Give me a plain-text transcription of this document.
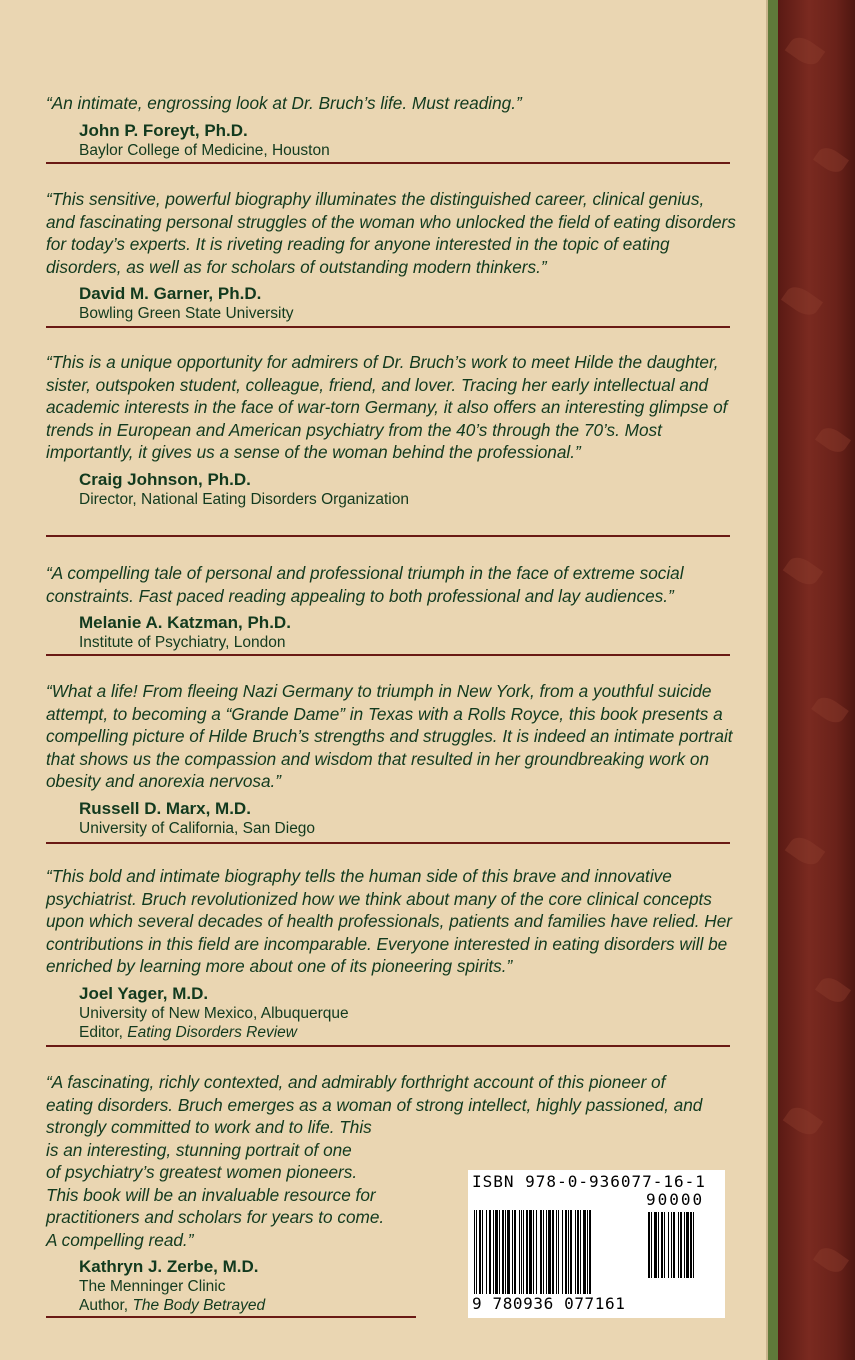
“An intimate, engrossing look at Dr. Bruch’s life. Must reading.”

John P. Foreyt, Ph.D.
Baylor College of Medicine, Houston

“This sensitive, powerful biography illuminates the distinguished career, clinical genius, and fascinating personal struggles of the woman who unlocked the field of eating disorders for today’s experts. It is riveting reading for anyone interested in the topic of eating disorders, as well as for scholars of outstanding modern thinkers.”

David M. Garner, Ph.D.
Bowling Green State University

“This is a unique opportunity for admirers of Dr. Bruch’s work to meet Hilde the daughter, sister, outspoken student, colleague, friend, and lover. Tracing her early intellectual and academic interests in the face of war-torn Germany, it also offers an interesting glimpse of trends in European and American psychiatry from the 40’s through the 70’s. Most importantly, it gives us a sense of the woman behind the professional.”

Craig Johnson, Ph.D.
Director, National Eating Disorders Organization

“A compelling tale of personal and professional triumph in the face of extreme social constraints. Fast paced reading appealing to both professional and lay audiences.”

Melanie A. Katzman, Ph.D.
Institute of Psychiatry, London

“What a life! From fleeing Nazi Germany to triumph in New York, from a youthful suicide attempt, to becoming a “Grande Dame” in Texas with a Rolls Royce, this book presents a compelling picture of Hilde Bruch’s strengths and struggles. It is indeed an intimate portrait that shows us the compassion and wisdom that resulted in her groundbreaking work on obesity and anorexia nervosa.”

Russell D. Marx, M.D.
University of California, San Diego

“This bold and intimate biography tells the human side of this brave and innovative psychiatrist. Bruch revolutionized how we think about many of the core clinical concepts upon which several decades of health professionals, patients and families have relied. Her contributions in this field are incomparable. Everyone interested in eating disorders will be enriched by learning more about one of its pioneering spirits.”

Joel Yager, M.D.
University of New Mexico, Albuquerque
Editor, Eating Disorders Review

“A fascinating, richly contexted, and admirably forthright account of this pioneer of
eating disorders. Bruch emerges as a woman of strong intellect, highly passioned, and
strongly committed to work and to life. This
is an interesting, stunning portrait of one
of psychiatry’s greatest women pioneers.
This book will be an invaluable resource for
practitioners and scholars for years to come.
A compelling read.”

Kathryn J. Zerbe, M.D.
The Menninger Clinic
Author, The Body Betrayed
ISBN 978-0-936077-16-1
90000
9 780936 077161
